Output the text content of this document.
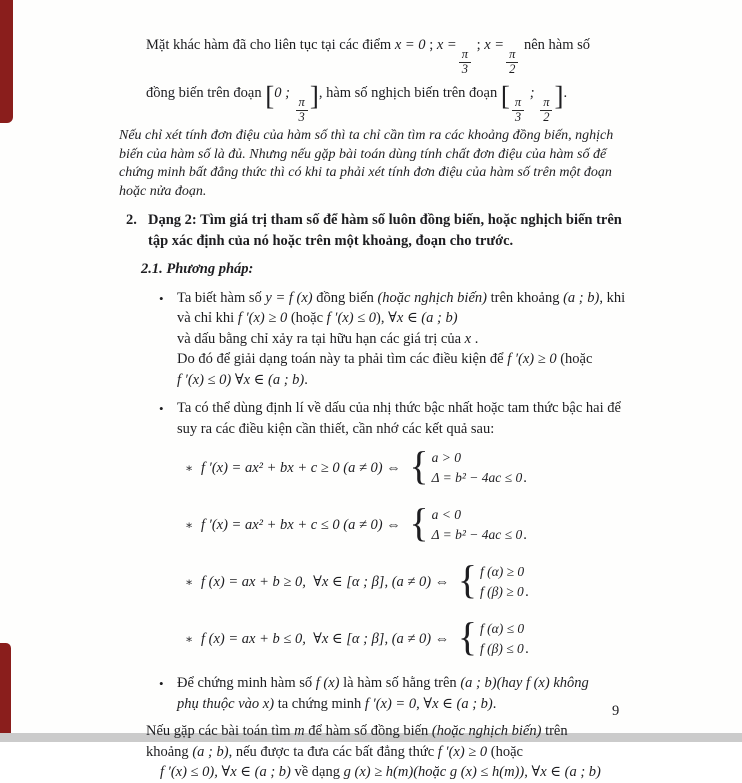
Mặt khác hàm đã cho liên tục tại các điểm x = 0 ; x =
$\frac{\pi}{3}$
; x =
$\frac{\pi}{2}$
nên hàm số
đồng biến trên đoạn [0 ;
$\frac{\pi}{3}$ ], hàm số nghịch biến trên đoạn [ $\frac{\pi}{3}$
;
$\frac{\pi}{2}$ ].
Nếu chỉ xét tính đơn điệu của hàm số thì ta chỉ cần tìm ra các khoảng đồng biến, nghịch biến của hàm số là đủ. Nhưng nếu gặp bài toán dùng tính chất đơn điệu của hàm số để chứng minh bất đẳng thức thì có khi ta phải xét tính đơn điệu của hàm số trên một đoạn hoặc nửa đoạn.
2. Dạng 2: Tìm giá trị tham số để hàm số luôn đồng biến, hoặc nghịch biến trên tập xác định của nó hoặc trên một khoảng, đoạn cho trước.
2.1. Phương pháp:
• Ta biết hàm số y = f (x) đồng biến (hoặc nghịch biến) trên khoảng (a ; b), khi
và chỉ khi f ′(x) ≥ 0 (hoặc f ′(x) ≤ 0), ∀x ∈ (a ; b)
và dấu bằng chỉ xảy ra tại hữu hạn các giá trị của x .
Do đó để giải dạng toán này ta phải tìm các điều kiện để f ′(x) ≥ 0 (hoặc
f ′(x) ≤ 0) ∀x ∈ (a ; b).
• Ta có thể dùng định lí về dấu của nhị thức bậc nhất hoặc tam thức bậc hai để
suy ra các điều kiện cần thiết, cần nhớ các kết quả sau:
∗ f ′(x) = ax² + bx + c ≥ 0 (a ≠ 0) ⇔ { a > 0
Δ = b² − 4ac ≤ 0 .
∗ f ′(x) = ax² + bx + c ≤ 0 (a ≠ 0) ⇔ { a < 0
Δ = b² − 4ac ≤ 0 .
∗ f (x) = ax + b ≥ 0,  ∀x ∈ [α ; β], (a ≠ 0) ⇔ { f (α) ≥ 0
f (β) ≥ 0 .
∗ f (x) = ax + b ≤ 0,  ∀x ∈ [α ; β], (a ≠ 0) ⇔ { f (α) ≤ 0
f (β) ≤ 0 .
• Để chứng minh hàm số f (x) là hàm số hằng trên (a ; b)(hay f (x) không
phụ thuộc vào x) ta chứng minh f ′(x) = 0, ∀x ∈ (a ; b).
Nếu gặp các bài toán tìm m để hàm số đồng biến (hoặc nghịch biến) trên
khoảng (a ; b), nếu được ta đưa các bất đẳng thức f ′(x) ≥ 0 (hoặc
f ′(x) ≤ 0), ∀x ∈ (a ; b) về dạng g (x) ≥ h(m)(hoặc g (x) ≤ h(m)), ∀x ∈ (a ; b)
9
